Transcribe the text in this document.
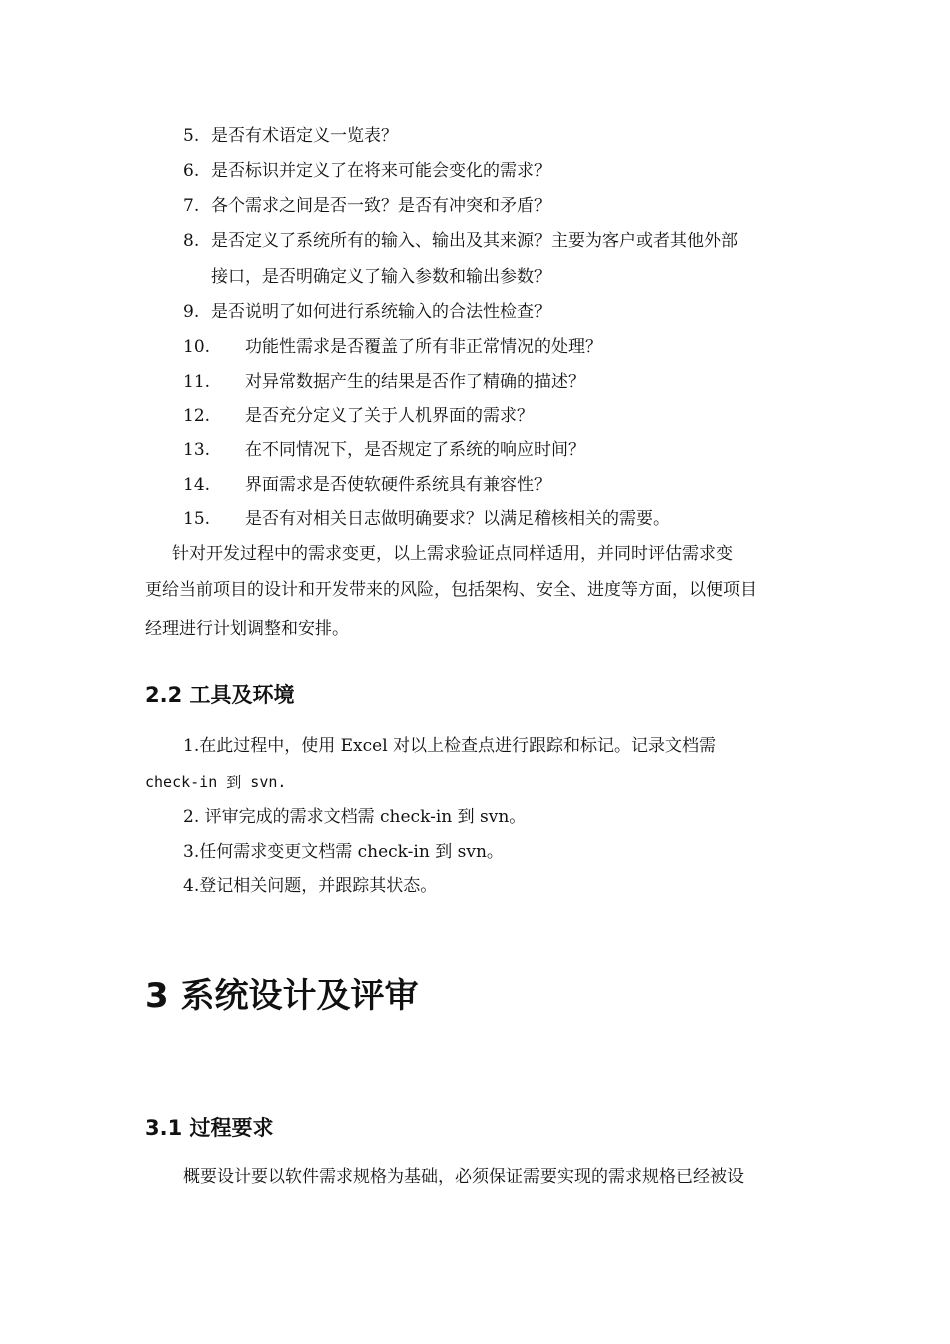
5. 是否有术语定义一览表？
6. 是否标识并定义了在将来可能会变化的需求？
7. 各个需求之间是否一致？是否有冲突和矛盾？
8. 是否定义了系统所有的输入、输出及其来源？主要为客户或者其他外部
接口，是否明确定义了输入参数和输出参数？
9. 是否说明了如何进行系统输入的合法性检查？
10. 功能性需求是否覆盖了所有非正常情况的处理？
11. 对异常数据产生的结果是否作了精确的描述？
12. 是否充分定义了关于人机界面的需求？
13. 在不同情况下，是否规定了系统的响应时间？
14. 界面需求是否使软硬件系统具有兼容性？
15. 是否有对相关日志做明确要求？以满足稽核相关的需要。
针对开发过程中的需求变更，以上需求验证点同样适用，并同时评估需求变
更给当前项目的设计和开发带来的风险，包括架构、安全、进度等方面，以便项目
经理进行计划调整和安排。
2.2 工具及环境
1.在此过程中，使用 Excel 对以上检查点进行跟踪和标记。记录文档需
check-in 到 svn.
2. 评审完成的需求文档需 check-in 到 svn。
3.任何需求变更文档需 check-in 到 svn。
4.登记相关问题，并跟踪其状态。
3 系统设计及评审
3.1 过程要求
概要设计要以软件需求规格为基础，必须保证需要实现的需求规格已经被设
